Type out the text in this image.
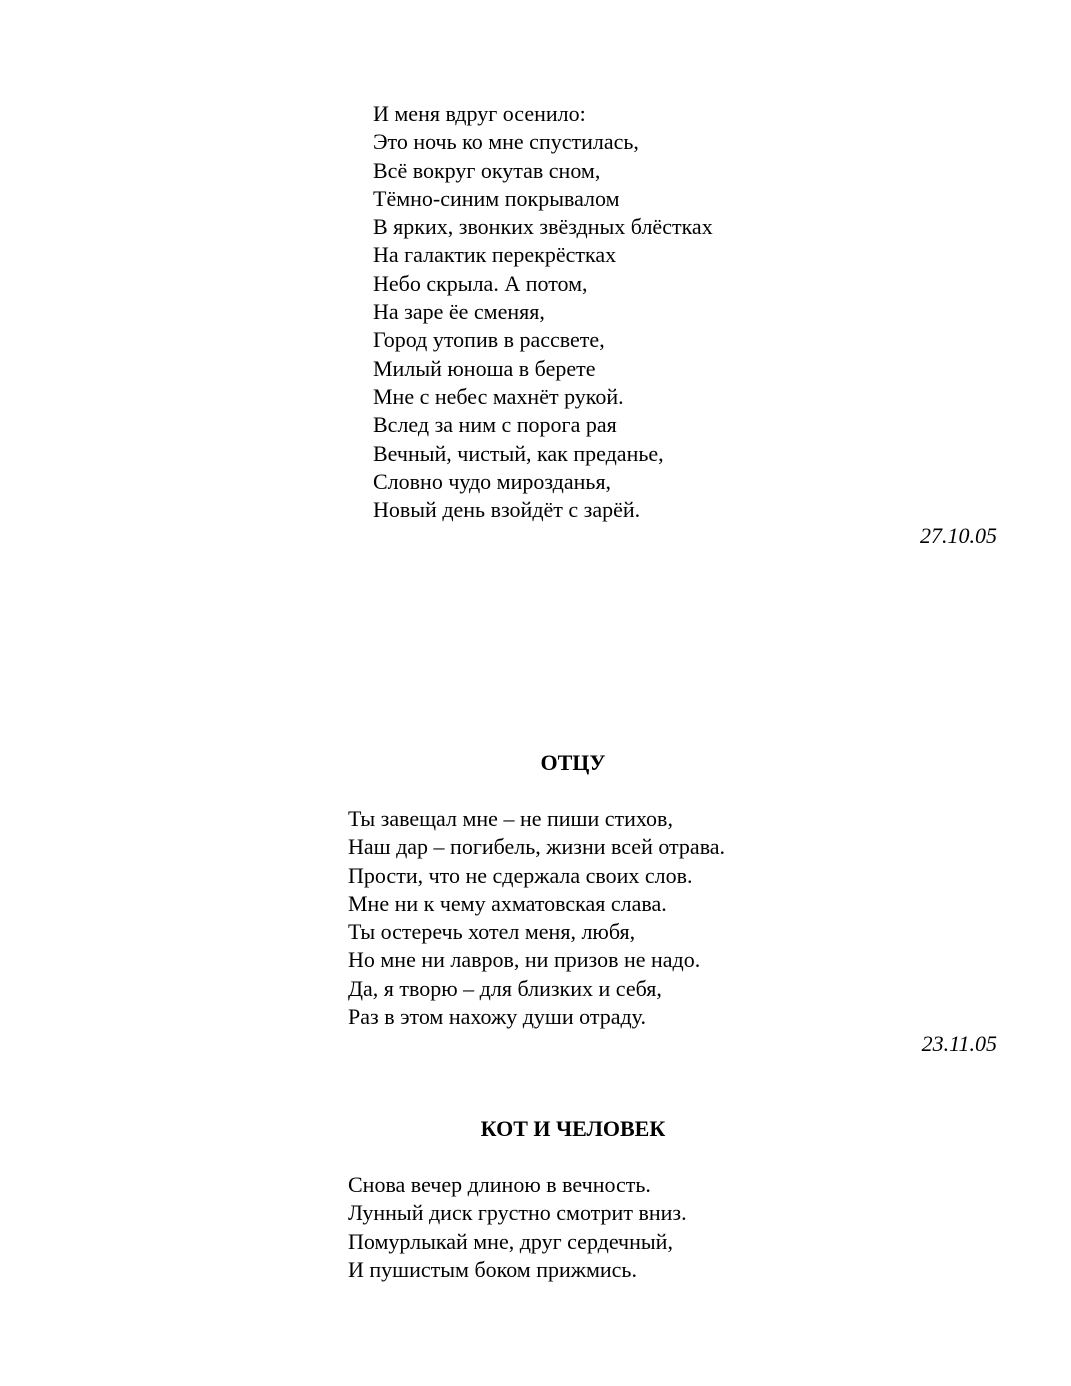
И меня вдруг осенило:
Это ночь ко мне спустилась,
Всё вокруг окутав сном,
Тёмно-синим покрывалом
В ярких, звонких звёздных блёстках
На галактик перекрёстках
Небо скрыла. А потом,
На заре ёе сменяя,
Город утопив в рассвете,
Милый юноша в берете
Мне с небес махнёт рукой.
Вслед за ним с порога рая
Вечный, чистый, как преданье,
Словно чудо мирозданья,
Новый день взойдёт с зарёй.
27.10.05
ОТЦУ
Ты завещал мне – не пиши стихов,
Наш дар – погибель, жизни всей отрава.
Прости, что не сдержала своих слов.
Мне ни к чему ахматовская слава.
Ты остеречь хотел меня, любя,
Но мне ни лавров, ни призов не надо.
Да, я творю – для близких и себя,
Раз в этом нахожу души отраду.
23.11.05
КОТ И ЧЕЛОВЕК
Снова вечер длиною в вечность.
Лунный диск грустно смотрит вниз.
Помурлыкай мне, друг сердечный,
И пушистым боком прижмись.
